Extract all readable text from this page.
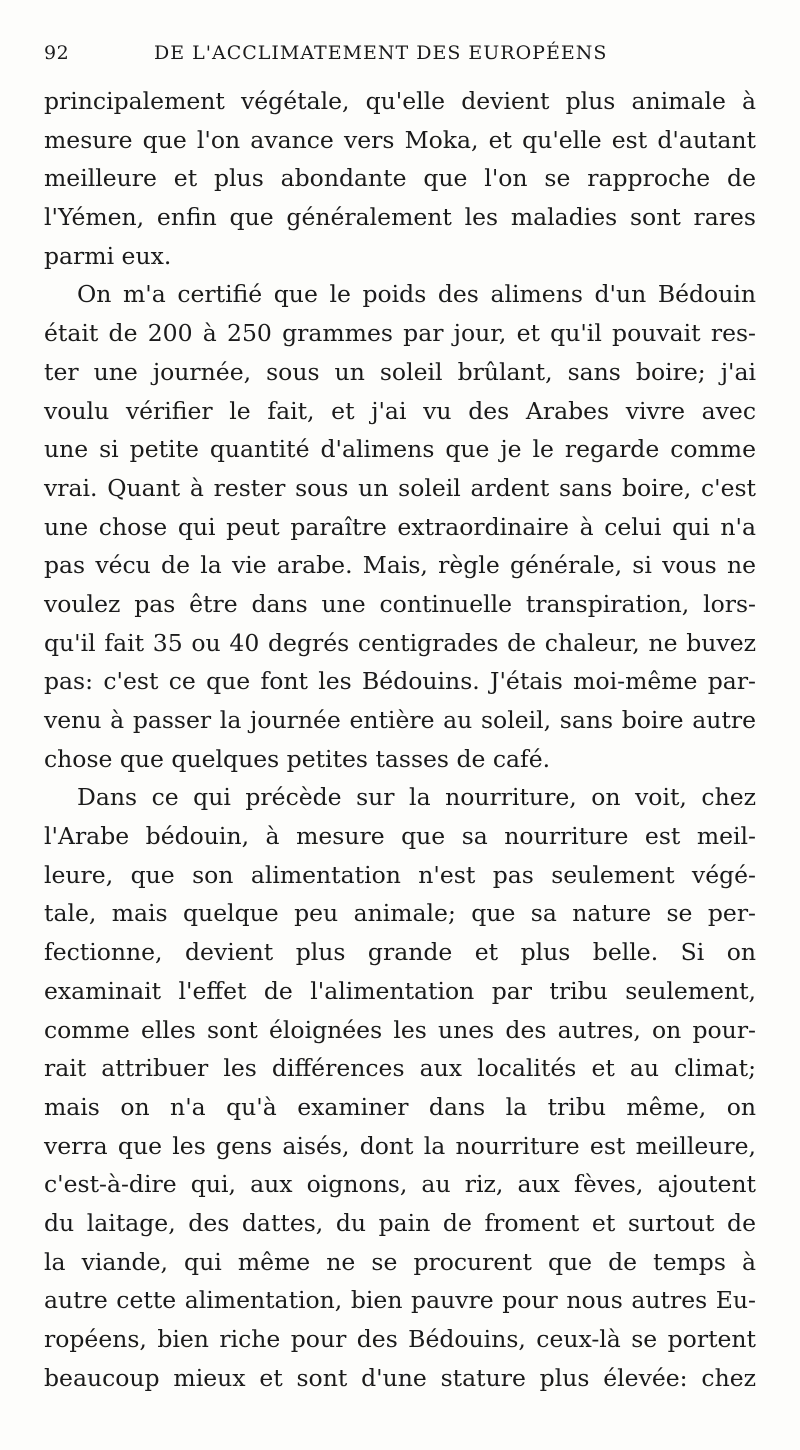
92	DE L'ACCLIMATEMENT DES EUROPÉENS
principalement végétale, qu'elle devient plus animale à
mesure que l'on avance vers Moka, et qu'elle est d'autant
meilleure et plus abondante que l'on se rapproche de
l'Yémen, enfin que généralement les maladies sont rares
parmi eux.
On m'a certifié que le poids des alimens d'un Bédouin
était de 200 à 250 grammes par jour, et qu'il pouvait res-
ter une journée, sous un soleil brûlant, sans boire; j'ai
voulu vérifier le fait, et j'ai vu des Arabes vivre avec
une si petite quantité d'alimens que je le regarde comme
vrai. Quant à rester sous un soleil ardent sans boire, c'est
une chose qui peut paraître extraordinaire à celui qui n'a
pas vécu de la vie arabe. Mais, règle générale, si vous ne
voulez pas être dans une continuelle transpiration, lors-
qu'il fait 35 ou 40 degrés centigrades de chaleur, ne buvez
pas: c'est ce que font les Bédouins. J'étais moi-même par-
venu à passer la journée entière au soleil, sans boire autre
chose que quelques petites tasses de café.
Dans ce qui précède sur la nourriture, on voit, chez
l'Arabe bédouin, à mesure que sa nourriture est meil-
leure, que son alimentation n'est pas seulement végé-
tale, mais quelque peu animale; que sa nature se per-
fectionne, devient plus grande et plus belle. Si on
examinait l'effet de l'alimentation par tribu seulement,
comme elles sont éloignées les unes des autres, on pour-
rait attribuer les différences aux localités et au climat;
mais on n'a qu'à examiner dans la tribu même, on
verra que les gens aisés, dont la nourriture est meilleure,
c'est-à-dire qui, aux oignons, au riz, aux fèves, ajoutent
du laitage, des dattes, du pain de froment et surtout de
la viande, qui même ne se procurent que de temps à
autre cette alimentation, bien pauvre pour nous autres Eu-
ropéens, bien riche pour des Bédouins, ceux-là se portent
beaucoup mieux et sont d'une stature plus élevée: chez
